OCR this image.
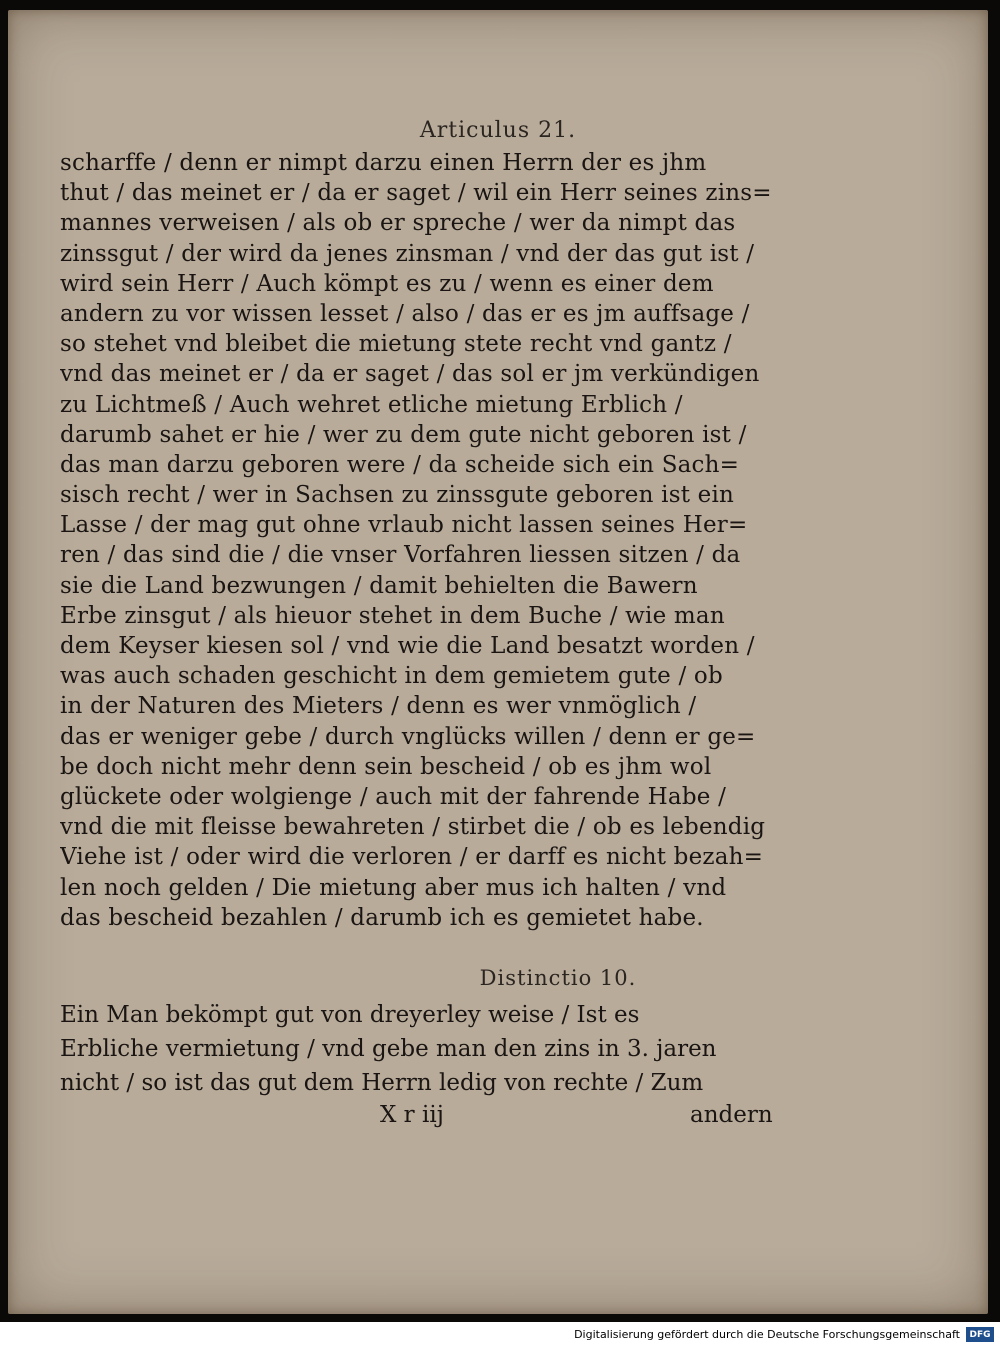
Articulus 21.
scharffe / denn er nimpt darzu einen Herrn der es jhm
thut / das meinet er / da er saget / wil ein Herr seines zins=
mannes verweisen / als ob er spreche / wer da nimpt das
zinssgut / der wird da jenes zinsman / vnd der das gut ist /
wird sein Herr / Auch kömpt es zu / wenn es einer dem
andern zu vor wissen lesset / also / das er es jm auffsage /
so stehet vnd bleibet die mietung stete recht vnd gantz /
vnd das meinet er / da er saget / das sol er jm verkündigen
zu Lichtmeß / Auch wehret etliche mietung Erblich /
darumb sahet er hie / wer zu dem gute nicht geboren ist /
das man darzu geboren were / da scheide sich ein Sach=
sisch recht / wer in Sachsen zu zinssgute geboren ist ein
Lasse / der mag gut ohne vrlaub nicht lassen seines Her=
ren / das sind die / die vnser Vorfahren liessen sitzen / da
sie die Land bezwungen / damit behielten die Bawern
Erbe zinsgut / als hieuor stehet in dem Buche / wie man
dem Keyser kiesen sol / vnd wie die Land besatzt worden /
was auch schaden geschicht in dem gemietem gute / ob
in der Naturen des Mieters / denn es wer vnmöglich /
das er weniger gebe / durch vnglücks willen / denn er ge=
be doch nicht mehr denn sein bescheid / ob es jhm wol
glückete oder wolgienge / auch mit der fahrende Habe /
vnd die mit fleisse bewahreten / stirbet die / ob es lebendig
Viehe ist / oder wird die verloren / er darff es nicht bezah=
len noch gelden / Die mietung aber mus ich halten / vnd
das bescheid bezahlen / darumb ich es gemietet habe.
Distinctio 10.
Ein Man bekömpt gut von dreyerley weise / Ist es
Erbliche vermietung / vnd gebe man den zins in 3. jaren
nicht / so ist das gut dem Herrn ledig von rechte / Zum
X r iij	andern
Digitalisierung gefördert durch die Deutsche Forschungsgemeinschaft	DFG
